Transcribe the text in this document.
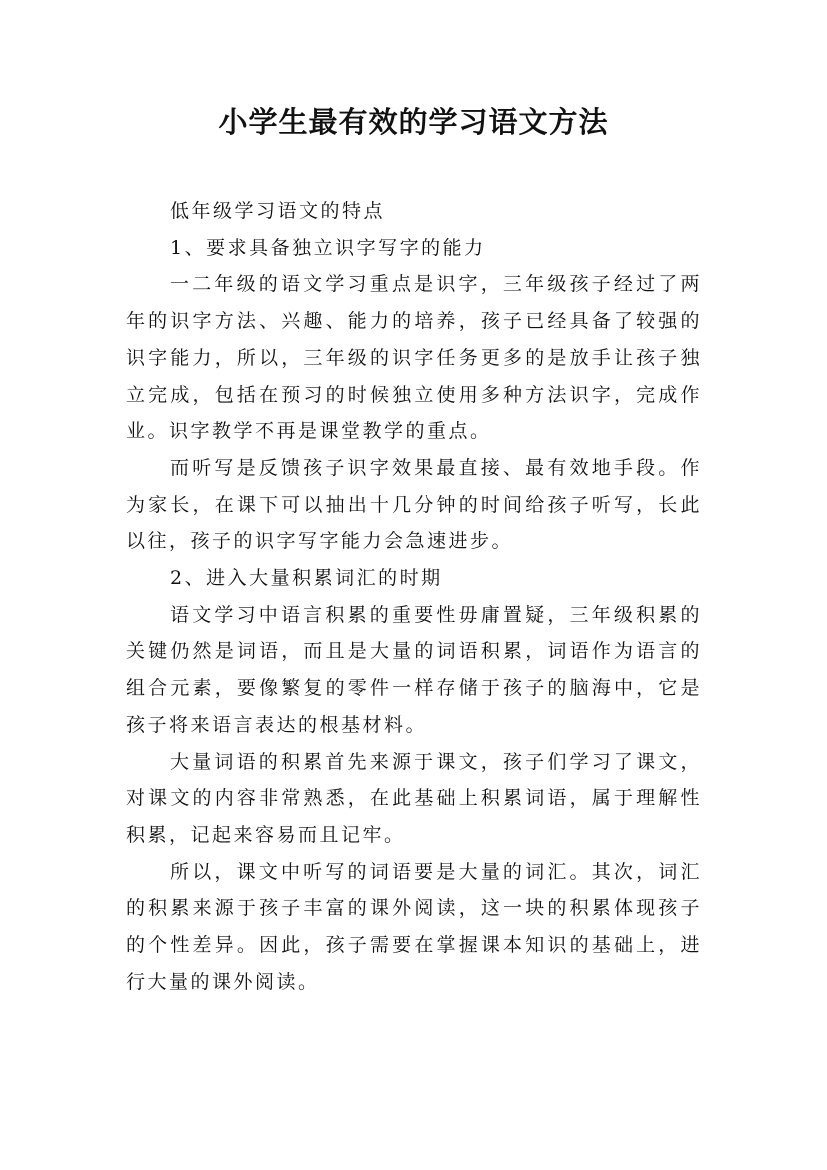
小学生最有效的学习语文方法

低年级学习语文的特点

1、要求具备独立识字写字的能力

一二年级的语文学习重点是识字，三年级孩子经过了两年的识字方法、兴趣、能力的培养，孩子已经具备了较强的识字能力，所以，三年级的识字任务更多的是放手让孩子独立完成，包括在预习的时候独立使用多种方法识字，完成作业。识字教学不再是课堂教学的重点。

而听写是反馈孩子识字效果最直接、最有效地手段。作为家长，在课下可以抽出十几分钟的时间给孩子听写，长此以往，孩子的识字写字能力会急速进步。

2、进入大量积累词汇的时期

语文学习中语言积累的重要性毋庸置疑，三年级积累的关键仍然是词语，而且是大量的词语积累，词语作为语言的组合元素，要像繁复的零件一样存储于孩子的脑海中，它是孩子将来语言表达的根基材料。

大量词语的积累首先来源于课文，孩子们学习了课文，对课文的内容非常熟悉，在此基础上积累词语，属于理解性积累，记起来容易而且记牢。

所以，课文中听写的词语要是大量的词汇。其次，词汇的积累来源于孩子丰富的课外阅读，这一块的积累体现孩子的个性差异。因此，孩子需要在掌握课本知识的基础上，进行大量的课外阅读。
